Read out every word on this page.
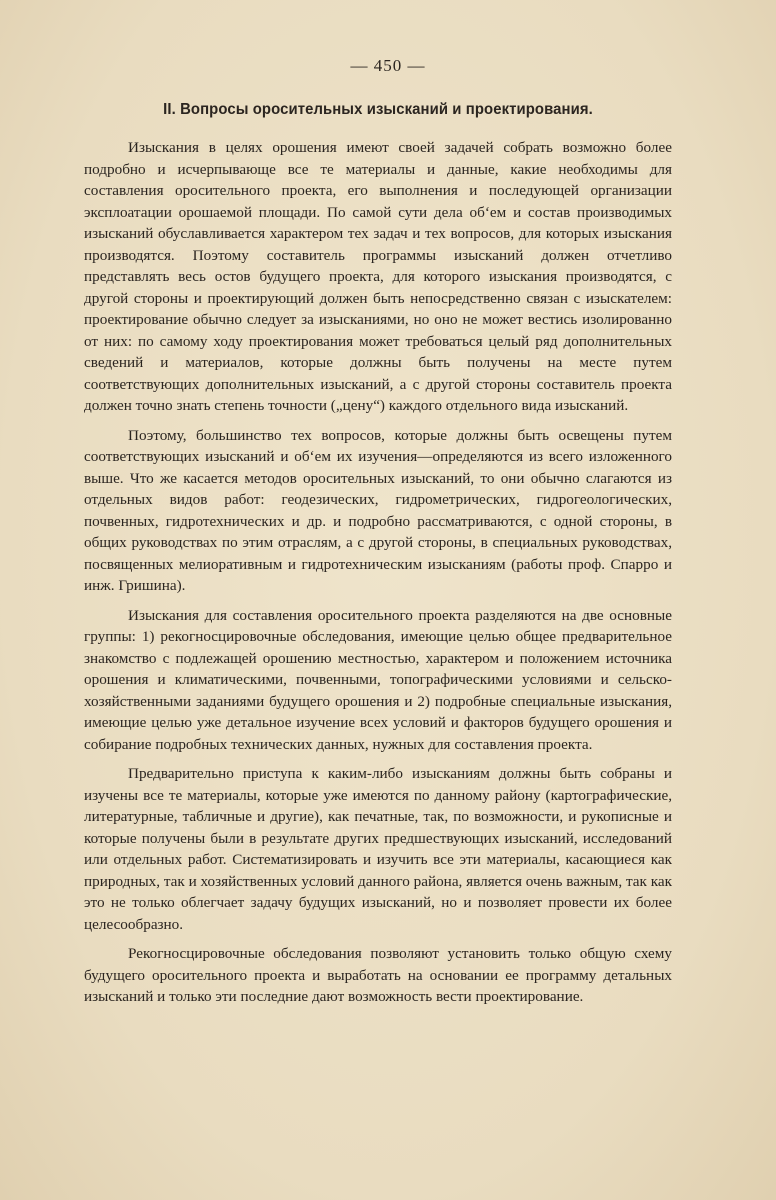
— 450 —
II. Вопросы оросительных изысканий и проектирования.

Изыскания в целях орошения имеют своей задачей собрать возможно более подробно и исчерпывающе все те материалы и данные, какие необходимы для составления оросительного проекта, его выполнения и последующей организации эксплоатации орошаемой площади. По самой сути дела об‘ем и состав производимых изысканий обуславливается характером тех задач и тех вопросов, для которых изыскания производятся. Поэтому составитель программы изысканий должен отчетливо представлять весь остов будущего проекта, для которого изыскания производятся, с другой стороны и проектирующий должен быть непосредственно связан с изыскателем: проектирование обычно следует за изысканиями, но оно не может вестись изолированно от них: по самому ходу проектирования может требоваться целый ряд дополнительных сведений и материалов, которые должны быть получены на месте путем соответствующих дополнительных изысканий, а с другой стороны составитель проекта должен точно знать степень точности („цену“) каждого отдельного вида изысканий.

Поэтому, большинство тех вопросов, которые должны быть освещены путем соответствующих изысканий и об‘ем их изучения—определяются из всего изложенного выше. Что же касается методов оросительных изысканий, то они обычно слагаются из отдельных видов работ: геодезических, гидрометрических, гидрогеологических, почвенных, гидротехнических и др. и подробно рассматриваются, с одной стороны, в общих руководствах по этим отраслям, а с другой стороны, в специальных руководствах, посвященных мелиоративным и гидротехническим изысканиям (работы проф. Спарро и инж. Гришина).

Изыскания для составления оросительного проекта разделяются на две основные группы: 1) рекогносцировочные обследования, имеющие целью общее предварительное знакомство с подлежащей орошению местностью, характером и положением источника орошения и климатическими, почвенными, топографическими условиями и сельско-хозяйственными заданиями будущего орошения и 2) подробные специальные изыскания, имеющие целью уже детальное изучение всех условий и факторов будущего орошения и собирание подробных технических данных, нужных для составления проекта.

Предварительно приступа к каким-либо изысканиям должны быть собраны и изучены все те материалы, которые уже имеются по данному району (картографические, литературные, табличные и другие), как печатные, так, по возможности, и рукописные и которые получены были в результате других предшествующих изысканий, исследований или отдельных работ. Систематизировать и изучить все эти материалы, касающиеся как природных, так и хозяйственных условий данного района, является очень важным, так как это не только облегчает задачу будущих изысканий, но и позволяет провести их более целесообразно.

Рекогносцировочные обследования позволяют установить только общую схему будущего оросительного проекта и выработать на основании ее программу детальных изысканий и только эти последние дают возможность вести проектирование.
